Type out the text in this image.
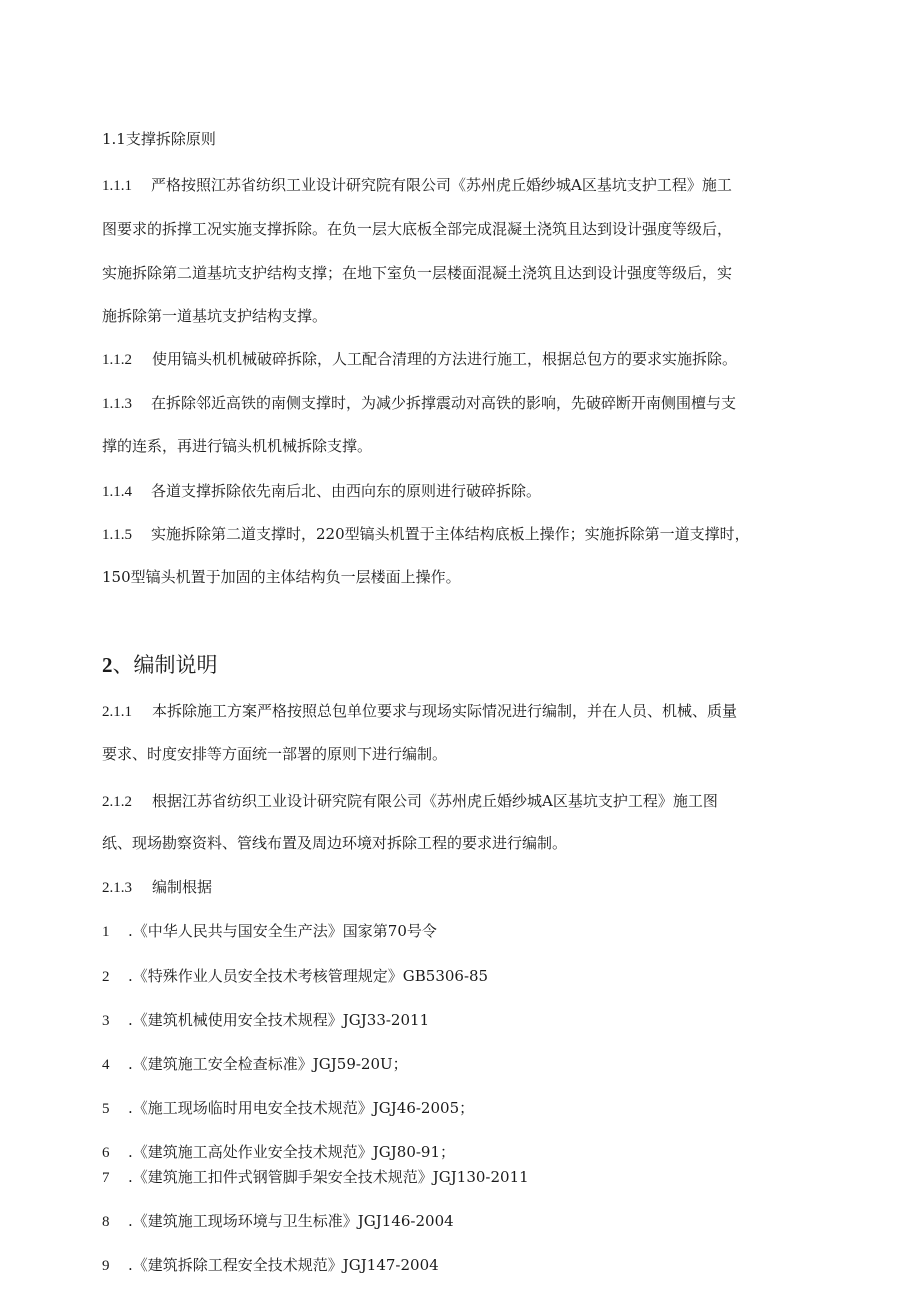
1.1支撑拆除原则
1.1.1 严格按照江苏省纺织工业设计研究院有限公司《苏州虎丘婚纱城A区基坑支护工程》施工
图要求的拆撑工况实施支撑拆除。在负一层大底板全部完成混凝土浇筑且达到设计强度等级后，
实施拆除第二道基坑支护结构支撑；在地下室负一层楼面混凝土浇筑且达到设计强度等级后，实
施拆除第一道基坑支护结构支撑。
1.1.2 使用镐头机机械破碎拆除，人工配合清理的方法进行施工，根据总包方的要求实施拆除。
1.1.3 在拆除邻近高铁的南侧支撑时，为减少拆撑震动对高铁的影响，先破碎断开南侧围檀与支
撑的连系，再进行镐头机机械拆除支撑。
1.1.4 各道支撑拆除依先南后北、由西向东的原则进行破碎拆除。
1.1.5 实施拆除第二道支撑时，220型镐头机置于主体结构底板上操作；实施拆除第一道支撑时，
150型镐头机置于加固的主体结构负一层楼面上操作。
2、编制说明
2.1.1 本拆除施工方案严格按照总包单位要求与现场实际情况进行编制，并在人员、机械、质量
要求、时度安排等方面统一部署的原则下进行编制。
2.1.2 根据江苏省纺织工业设计研究院有限公司《苏州虎丘婚纱城A区基坑支护工程》施工图
纸、现场勘察资料、管线布置及周边环境对拆除工程的要求进行编制。
2.1.3 编制根据
1 .《中华人民共与国安全生产法》国家第70号令
2 .《特殊作业人员安全技术考核管理规定》GB5306-85
3 .《建筑机械使用安全技术规程》JGJ33-2011
4 .《建筑施工安全检查标准》JGJ59-20U；
5 .《施工现场临时用电安全技术规范》JGJ46-2005；
6 .《建筑施工高处作业安全技术规范》JGJ80-91；
7 .《建筑施工扣件式钢管脚手架安全技术规范》JGJ130-2011
8 .《建筑施工现场环境与卫生标准》JGJ146-2004
9 .《建筑拆除工程安全技术规范》JGJ147-2004
